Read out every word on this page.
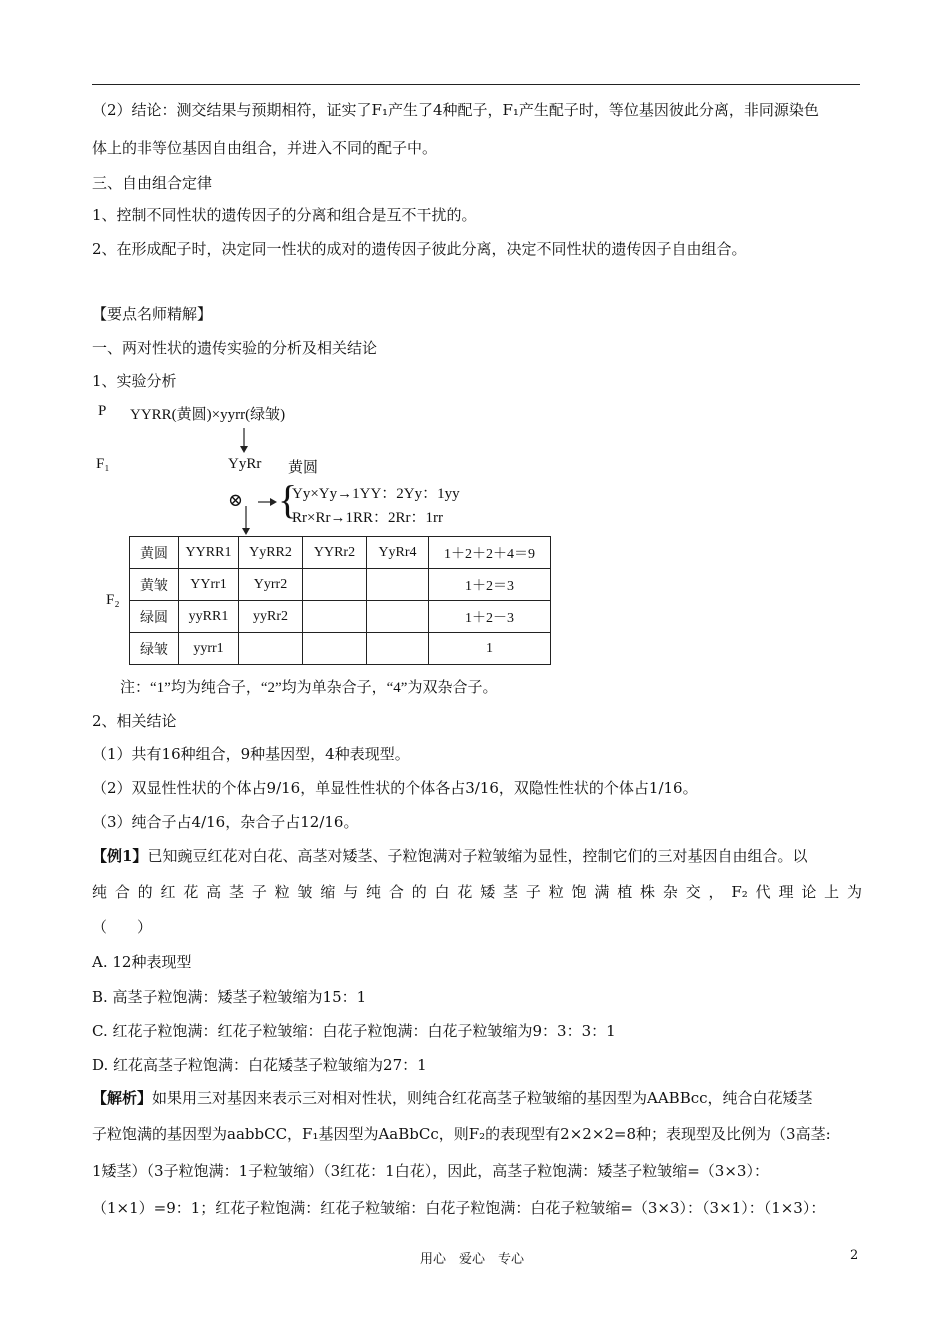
（2）结论：测交结果与预期相符，证实了F₁产生了4种配子，F₁产生配子时，等位基因彼此分离，非同源染色
体上的非等位基因自由组合，并进入不同的配子中。
三、自由组合定律
1、控制不同性状的遗传因子的分离和组合是互不干扰的。
2、在形成配子时，决定同一性状的成对的遗传因子彼此分离，决定不同性状的遗传因子自由组合。
【要点名师精解】
一、两对性状的遗传实验的分析及相关结论
1、实验分析
P YYRR(黄圆)×yyrr(绿皱)
F₁	YyRr 黄圆
⊗ {
Yy×Yy→1YY：2Yy：1yy
Rr×Rr→1RR：2Rr：1rr
F₂
黄圆	YYRR1	YyRR2	YYRr2	YyRr4	1＋2＋2＋4＝9
黄皱	YYrr1	Yyrr2			1＋2＝3
绿圆	yyRR1	yyRr2			1＋2－3
绿皱	yyrr1				1
注：“1”均为纯合子，“2”均为单杂合子，“4”为双杂合子。
2、相关结论
（1）共有16种组合，9种基因型，4种表现型。
（2）双显性性状的个体占9/16，单显性性状的个体各占3/16，双隐性性状的个体占1/16。
（3）纯合子占4/16，杂合子占12/16。
【例1】已知豌豆红花对白花、高茎对矮茎、子粒饱满对子粒皱缩为显性，控制它们的三对基因自由组合。以
纯合的红花高茎子粒皱缩与纯合的白花矮茎子粒饱满植株杂交，F₂代理论上为
（　　）
A. 12种表现型
B. 高茎子粒饱满：矮茎子粒皱缩为15：1
C. 红花子粒饱满：红花子粒皱缩：白花子粒饱满：白花子粒皱缩为9：3：3：1
D. 红花高茎子粒饱满：白花矮茎子粒皱缩为27：1
【解析】如果用三对基因来表示三对相对性状，则纯合红花高茎子粒皱缩的基因型为AABBcc，纯合白花矮茎
子粒饱满的基因型为aabbCC，F₁基因型为AaBbCc，则F₂的表现型有2×2×2=8种；表现型及比例为（3高茎:
1矮茎）（3子粒饱满：1子粒皱缩）（3红花：1白花），因此，高茎子粒饱满：矮茎子粒皱缩=（3×3）：
（1×1）=9：1；红花子粒饱满：红花子粒皱缩：白花子粒饱满：白花子粒皱缩=（3×3）：（3×1）：（1×3）：
用心　爱心　专心	2
